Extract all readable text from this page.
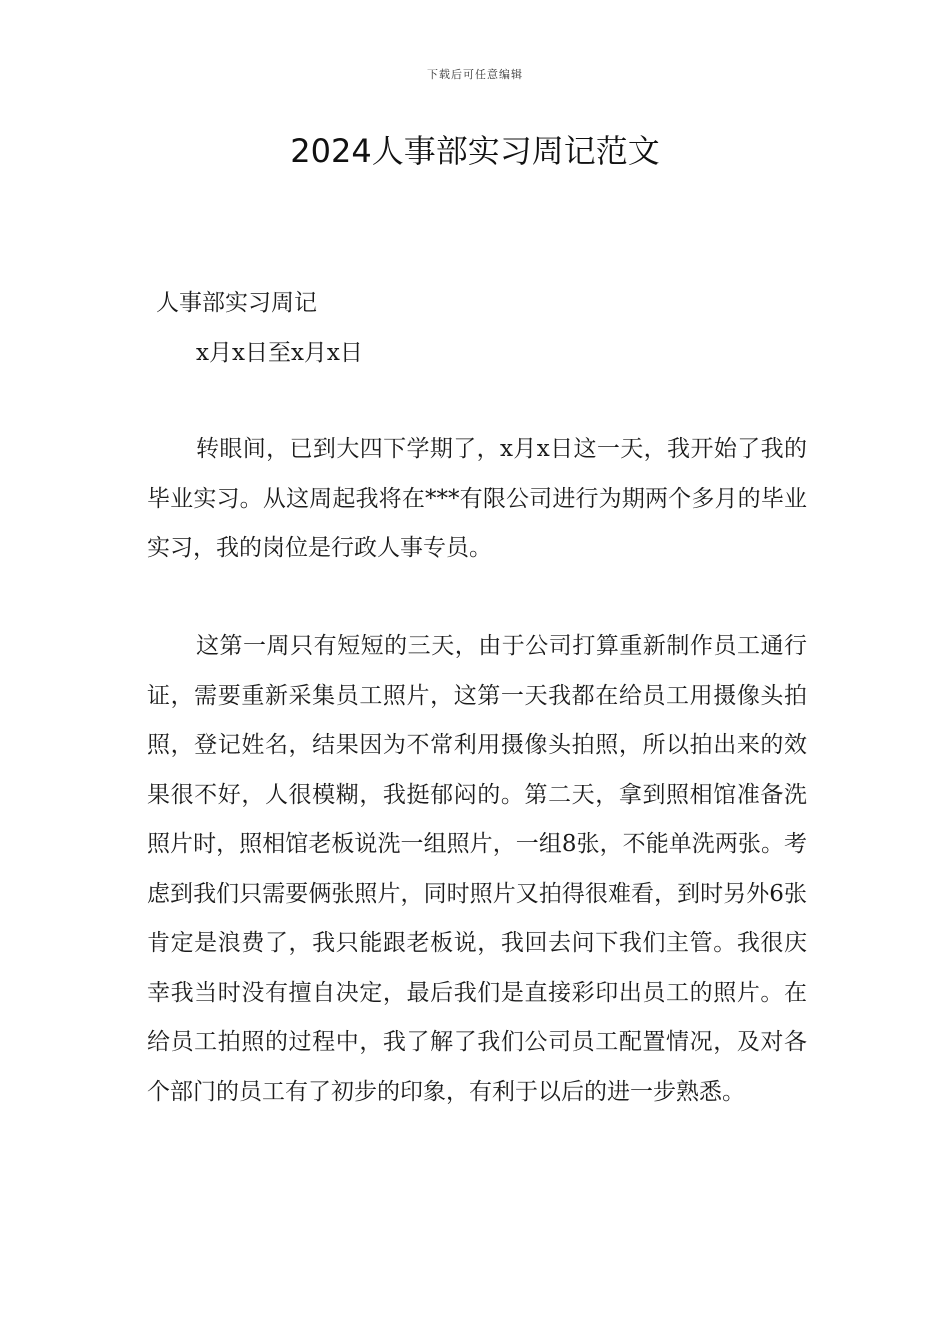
下载后可任意编辑
2024人事部实习周记范文

人事部实习周记

x月x日至x月x日

转眼间，已到大四下学期了，x月x日这一天，我开始了我的毕业实习。从这周起我将在***有限公司进行为期两个多月的毕业实习，我的岗位是行政人事专员。

这第一周只有短短的三天，由于公司打算重新制作员工通行证，需要重新采集员工照片，这第一天我都在给员工用摄像头拍照，登记姓名，结果因为不常利用摄像头拍照，所以拍出来的效果很不好，人很模糊，我挺郁闷的。第二天，拿到照相馆准备洗照片时，照相馆老板说洗一组照片，一组8张，不能单洗两张。考虑到我们只需要俩张照片，同时照片又拍得很难看，到时另外6张肯定是浪费了，我只能跟老板说，我回去问下我们主管。我很庆幸我当时没有擅自决定，最后我们是直接彩印出员工的照片。在给员工拍照的过程中，我了解了我们公司员工配置情况，及对各个部门的员工有了初步的印象，有利于以后的进一步熟悉。
